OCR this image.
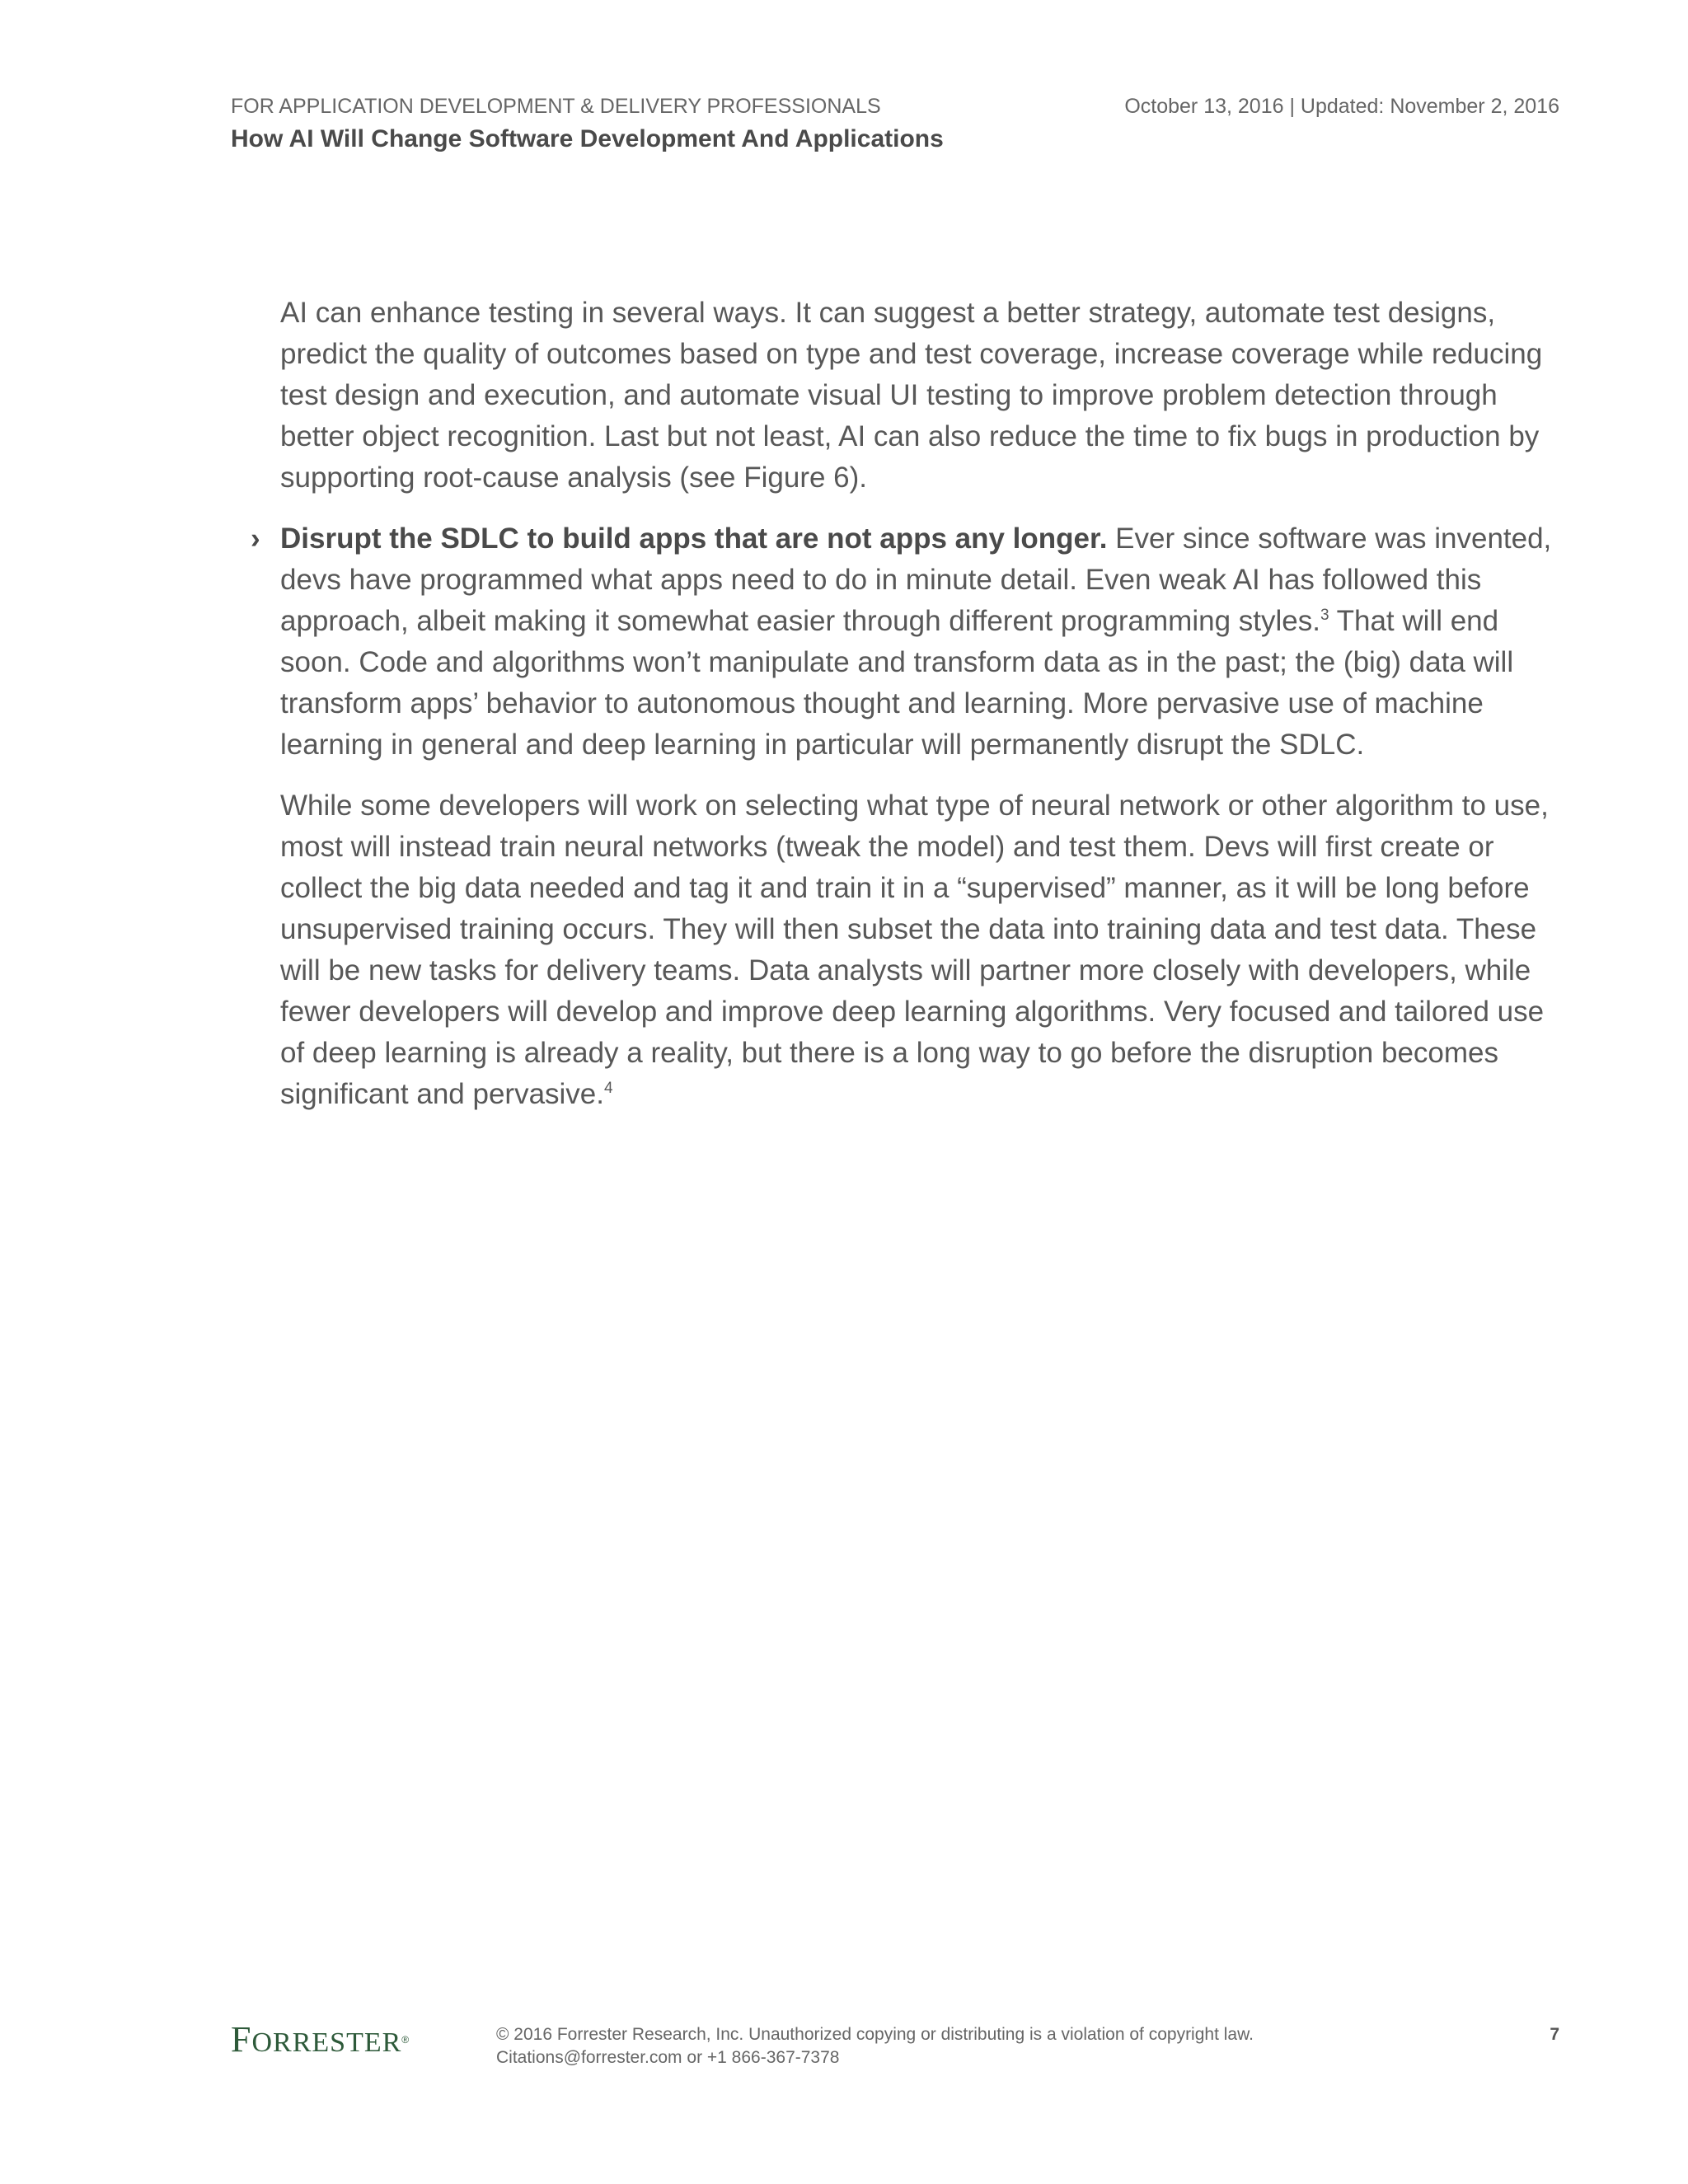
FOR APPLICATION DEVELOPMENT & DELIVERY PROFESSIONALS	October 13, 2016 | Updated: November 2, 2016
How AI Will Change Software Development And Applications

AI can enhance testing in several ways. It can suggest a better strategy, automate test designs, predict the quality of outcomes based on type and test coverage, increase coverage while reducing test design and execution, and automate visual UI testing to improve problem detection through better object recognition. Last but not least, AI can also reduce the time to fix bugs in production by supporting root-cause analysis (see Figure 6).

› Disrupt the SDLC to build apps that are not apps any longer. Ever since software was invented, devs have programmed what apps need to do in minute detail. Even weak AI has followed this approach, albeit making it somewhat easier through different programming styles.$^3$ That will end soon. Code and algorithms won’t manipulate and transform data as in the past; the (big) data will transform apps’ behavior to autonomous thought and learning. More pervasive use of machine learning in general and deep learning in particular will permanently disrupt the SDLC.

While some developers will work on selecting what type of neural network or other algorithm to use, most will instead train neural networks (tweak the model) and test them. Devs will first create or collect the big data needed and tag it and train it in a “supervised” manner, as it will be long before unsupervised training occurs. They will then subset the data into training data and test data. These will be new tasks for delivery teams. Data analysts will partner more closely with developers, while fewer developers will develop and improve deep learning algorithms. Very focused and tailored use of deep learning is already a reality, but there is a long way to go before the disruption becomes significant and pervasive.$^4$

FORRESTER®	© 2016 Forrester Research, Inc. Unauthorized copying or distributing is a violation of copyright law.
Citations@forrester.com or +1 866-367-7378
7
